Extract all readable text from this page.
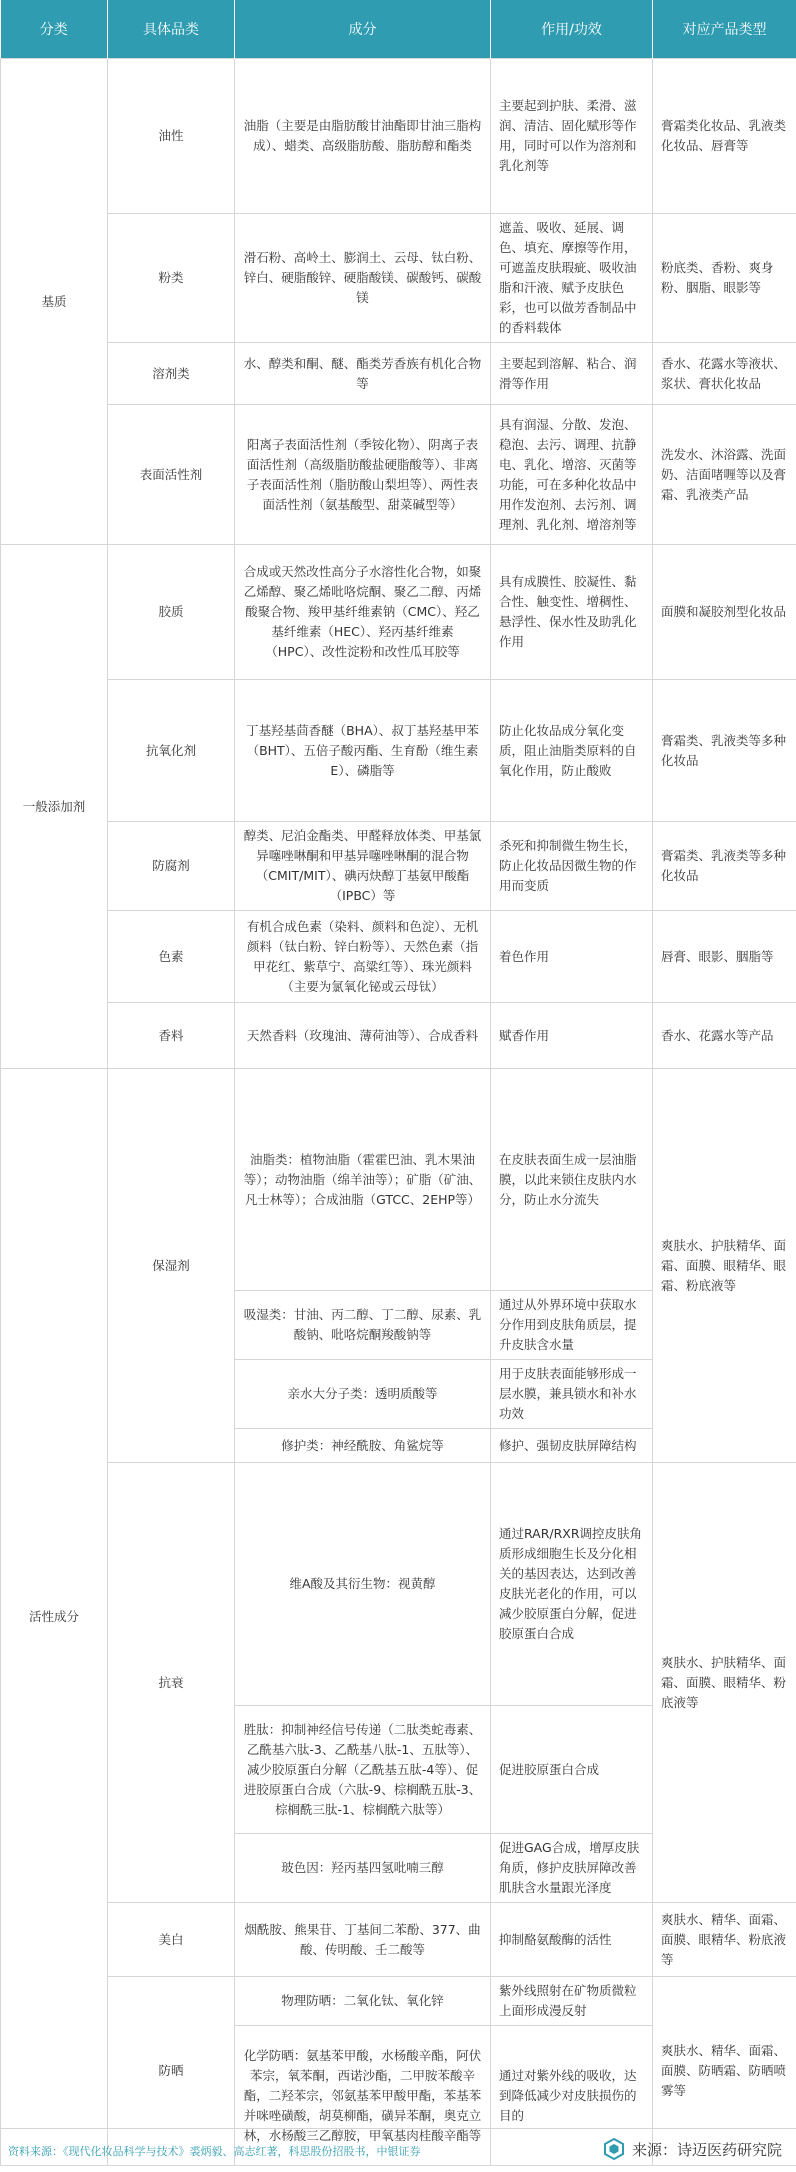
分类	具体品类	成分	作用/功效	对应产品类型
基质	油性	油脂（主要是由脂肪酸甘油酯即甘油三脂构成）、蜡类、高级脂肪酸、脂肪醇和酯类	主要起到护肤、柔滑、滋润、清洁、固化赋形等作用，同时可以作为溶剂和乳化剂等	膏霜类化妆品、乳液类化妆品、唇膏等
	粉类	滑石粉、高岭土、膨润土、云母、钛白粉、锌白、硬脂酸锌、硬脂酸镁、碳酸钙、碳酸镁	遮盖、吸收、延展、调色、填充、摩擦等作用，可遮盖皮肤瑕疵、吸收油脂和汗液、赋予皮肤色彩，也可以做芳香制品中的香料载体	粉底类、香粉、爽身粉、胭脂、眼影等
	溶剂类	水、醇类和酮、醚、酯类芳香族有机化合物等	主要起到溶解、粘合、润滑等作用	香水、花露水等液状、浆状、膏状化妆品
	表面活性剂	阳离子表面活性剂（季铵化物）、阴离子表面活性剂（高级脂肪酸盐硬脂酸等）、非离子表面活性剂（脂肪酸山梨坦等）、两性表面活性剂（氨基酸型、甜菜碱型等）	具有润湿、分散、发泡、稳泡、去污、调理、抗静电、乳化、增溶、灭菌等功能，可在多种化妆品中用作发泡剂、去污剂、调理剂、乳化剂、增溶剂等	洗发水、沐浴露、洗面奶、洁面啫喱等以及膏霜、乳液类产品
一般添加剂	胶质	合成或天然改性高分子水溶性化合物，如聚乙烯醇、聚乙烯吡咯烷酮、聚乙二醇、丙烯酸聚合物、羧甲基纤维素钠（CMC）、羟乙基纤维素（HEC）、羟丙基纤维素（HPC）、改性淀粉和改性瓜耳胶等	具有成膜性、胶凝性、黏合性、触变性、增稠性、悬浮性、保水性及助乳化作用	面膜和凝胶剂型化妆品
	抗氧化剂	丁基羟基茴香醚（BHA）、叔丁基羟基甲苯（BHT）、五倍子酸丙酯、生育酚（维生素E）、磷脂等	防止化妆品成分氧化变质，阻止油脂类原料的自氧化作用，防止酸败	膏霜类、乳液类等多种化妆品
	防腐剂	醇类、尼泊金酯类、甲醛释放体类、甲基氯异噻唑啉酮和甲基异噻唑啉酮的混合物（CMIT/MIT）、碘丙炔醇丁基氨甲酸酯（IPBC）等	杀死和抑制微生物生长，防止化妆品因微生物的作用而变质	膏霜类、乳液类等多种化妆品
	色素	有机合成色素（染料、颜料和色淀）、无机颜料（钛白粉、锌白粉等）、天然色素（指甲花红、紫草宁、高粱红等）、珠光颜料（主要为氯氧化铋或云母钛）	着色作用	唇膏、眼影、胭脂等
	香料	天然香料（玫瑰油、薄荷油等）、合成香料	赋香作用	香水、花露水等产品
活性成分	保湿剂	油脂类：植物油脂（霍霍巴油、乳木果油等）；动物油脂（绵羊油等）；矿脂（矿油、凡士林等）；合成油脂（GTCC、2EHP等）	在皮肤表面生成一层油脂膜，以此来锁住皮肤内水分，防止水分流失	爽肤水、护肤精华、面霜、面膜、眼精华、眼霜、粉底液等
		吸湿类：甘油、丙二醇、丁二醇、尿素、乳酸钠、吡咯烷酮羧酸钠等	通过从外界环境中获取水分作用到皮肤角质层，提升皮肤含水量	
		亲水大分子类：透明质酸等	用于皮肤表面能够形成一层水膜，兼具锁水和补水功效	
		修护类：神经酰胺、角鲨烷等	修护、强韧皮肤屏障结构	
	抗衰	维A酸及其衍生物：视黄醇	通过RAR/RXR调控皮肤角质形成细胞生长及分化相关的基因表达，达到改善皮肤光老化的作用，可以减少胶原蛋白分解，促进胶原蛋白合成	爽肤水、护肤精华、面霜、面膜、眼精华、粉底液等
		胜肽：抑制神经信号传递（二肽类蛇毒素、乙酰基六肽-3、乙酰基八肽-1、五肽等）、减少胶原蛋白分解（乙酰基五肽-4等）、促进胶原蛋白合成（六肽-9、棕榈酰五肽-3、棕榈酰三肽-1、棕榈酰六肽等）	促进胶原蛋白合成	
		玻色因：羟丙基四氢吡喃三醇	促进GAG合成，增厚皮肤角质，修护皮肤屏障改善肌肤含水量跟光泽度	
	美白	烟酰胺、熊果苷、丁基间二苯酚、377、曲酸、传明酸、壬二酸等	抑制酪氨酸酶的活性	爽肤水、精华、面霜、面膜、眼精华、粉底液等
	防晒	物理防晒：二氧化钛、氧化锌	紫外线照射在矿物质微粒上面形成漫反射	爽肤水、精华、面霜、面膜、防晒霜、防晒喷雾等
		化学防晒：氨基苯甲酸，水杨酸辛酯，阿伏苯宗，氧苯酮，西诺沙酯，二甲胺苯酸辛酯，二羟苯宗，邻氨基苯甲酸甲酯，苯基苯并咪唑磺酸，胡莫柳酯，磺异苯酮，奥克立林，水杨酸三乙醇胺，甲氧基肉桂酸辛酯等	通过对紫外线的吸收，达到降低减少对皮肤损伤的目的	
资料来源：《现代化妆品科学与技术》裘炳毅、高志红著，科思股份招股书，中银证券	来源：诗迈医药研究院
